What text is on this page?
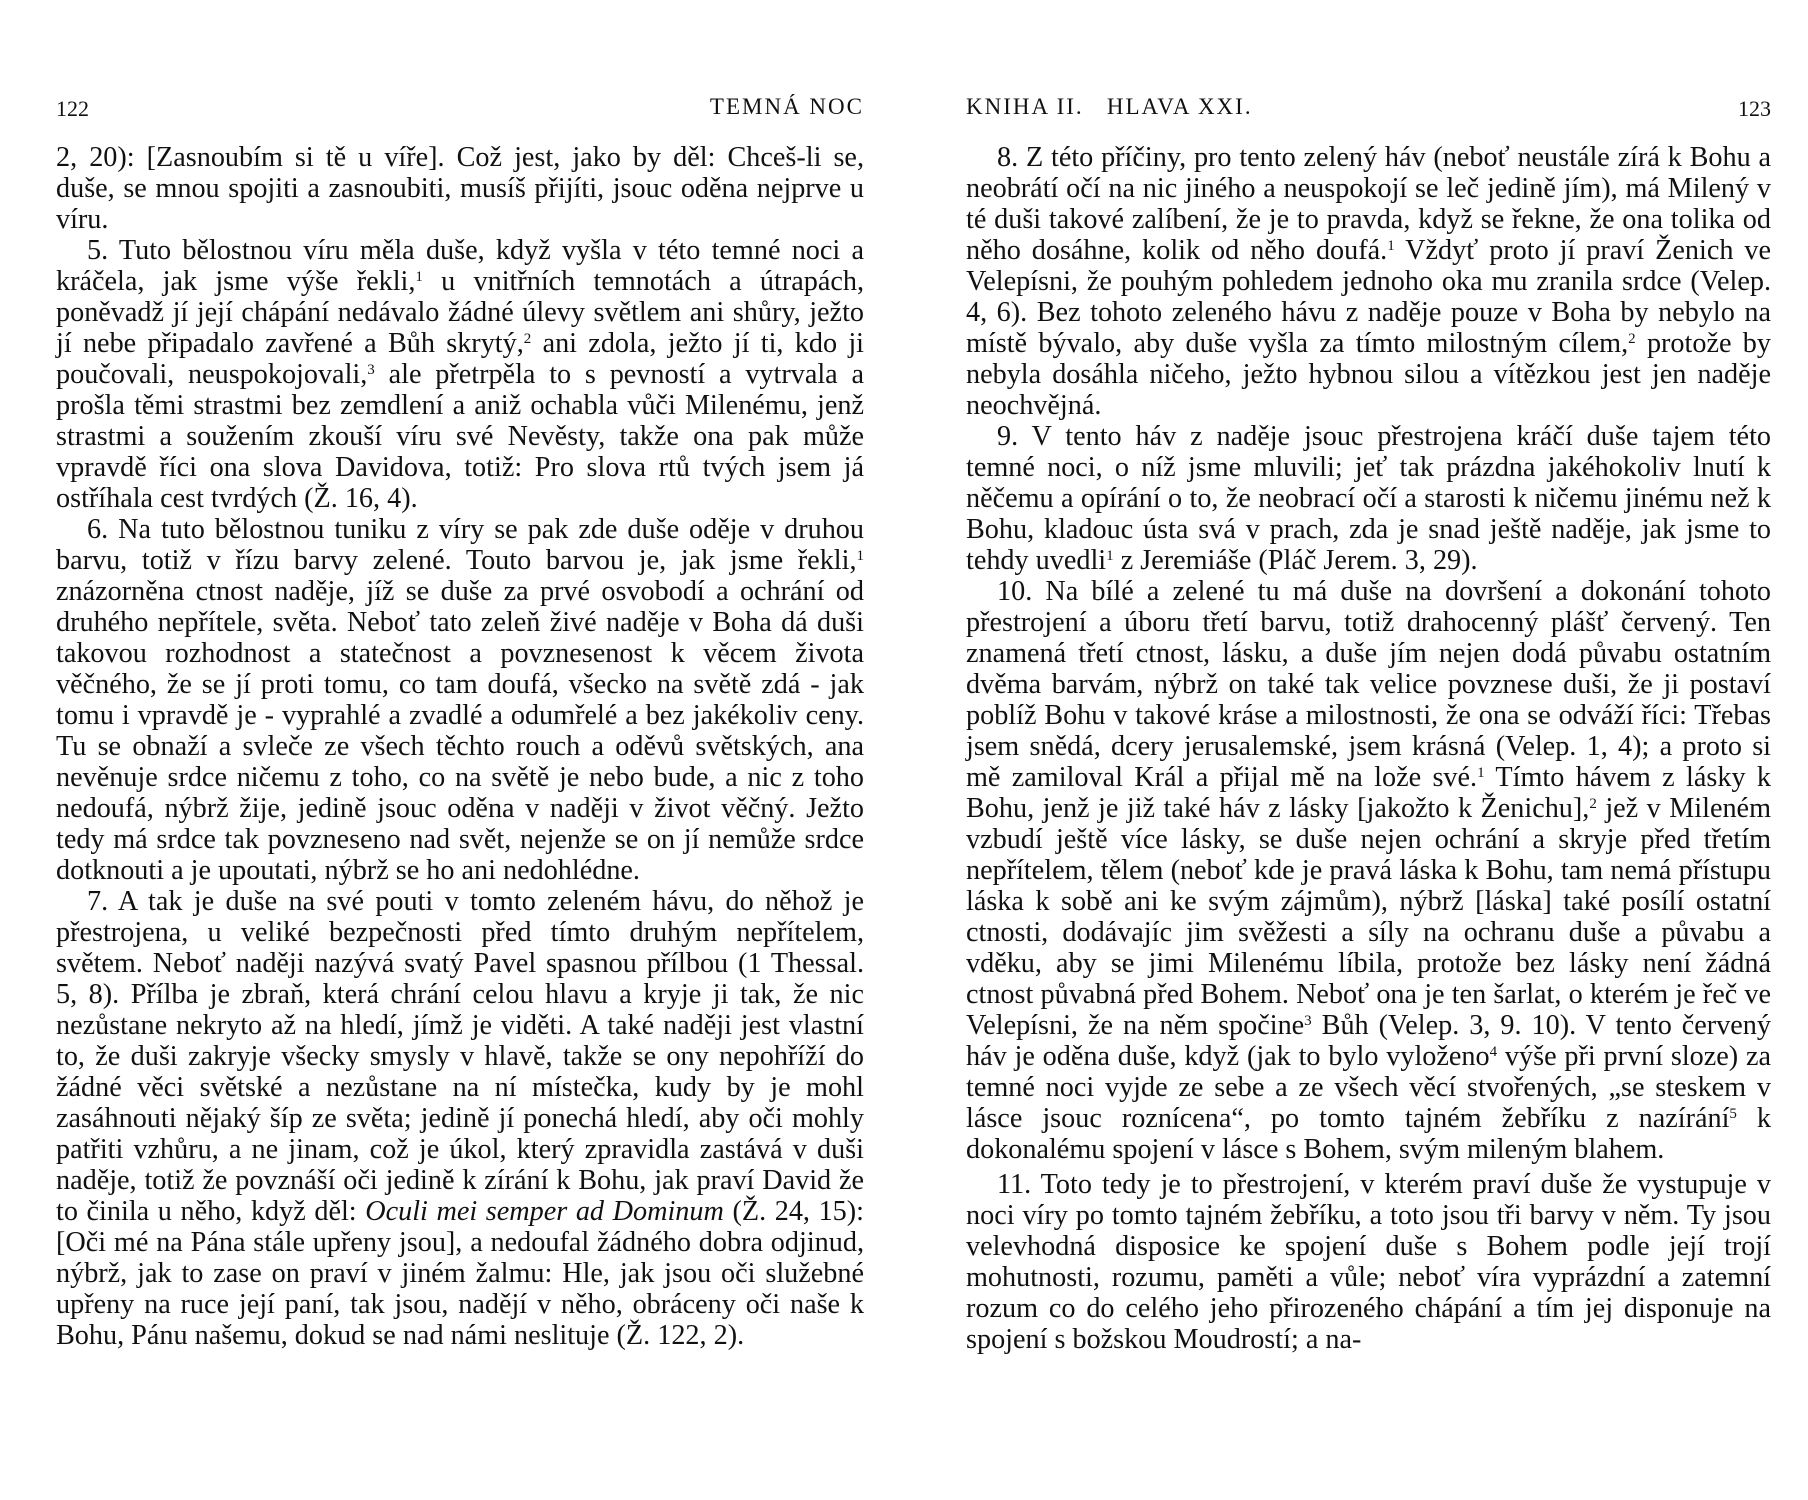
122	TEMNÁ NOC

2, 20): [Zasnoubím si tě u víře]. Což jest, jako by děl: Chceš-li se, duše, se mnou spojiti a zasnoubiti, musíš přijíti, jsouc oděna nejprve u víru.

5. Tuto bělostnou víru měla duše, když vyšla v této temné noci a kráčela, jak jsme výše řekli,$^1$ u vnitřních temnotách a útrapách, poněvadž jí její chápání nedávalo žádné úlevy světlem ani shůry, ježto jí nebe připadalo zavřené a Bůh skrytý,$^2$ ani zdola, ježto jí ti, kdo ji poučovali, neuspokojovali,$^3$ ale přetrpěla to s pevností a vytrvala a prošla těmi strastmi bez zemdlení a aniž ochabla vůči Milenému, jenž strastmi a soužením zkouší víru své Nevěsty, takže ona pak může vpravdě říci ona slova Davidova, totiž: Pro slova rtů tvých jsem já ostříhala cest tvrdých (Ž. 16, 4).

6. Na tuto bělostnou tuniku z víry se pak zde duše oděje v druhou barvu, totiž v řízu barvy zelené. Touto barvou je, jak jsme řekli,$^1$ znázorněna ctnost naděje, jíž se duše za prvé osvobodí a ochrání od druhého nepřítele, světa. Neboť tato zeleň živé naděje v Boha dá duši takovou rozhodnost a statečnost a povznesenost k věcem života věčného, že se jí proti tomu, co tam doufá, všecko na světě zdá - jak tomu i vpravdě je - vyprahlé a zvadlé a odumřelé a bez jakékoliv ceny. Tu se obnaží a svleče ze všech těchto rouch a oděvů světských, ana nevěnuje srdce ničemu z toho, co na světě je nebo bude, a nic z toho nedoufá, nýbrž žije, jedině jsouc oděna v naději v život věčný. Ježto tedy má srdce tak povzneseno nad svět, nejenže se on jí nemůže srdce dotknouti a je upoutati, nýbrž se ho ani nedohlédne.

7. A tak je duše na své pouti v tomto zeleném hávu, do něhož je přestrojena, u veliké bezpečnosti před tímto druhým nepřítelem, světem. Neboť naději nazývá svatý Pavel spasnou přílbou (1 Thessal. 5, 8). Přílba je zbraň, která chrání celou hlavu a kryje ji tak, že nic nezůstane nekryto až na hledí, jímž je viděti. A také naději jest vlastní to, že duši zakryje všecky smysly v hlavě, takže se ony nepohříží do žádné věci světské a nezůstane na ní místečka, kudy by je mohl zasáhnouti nějaký šíp ze světa; jedině jí ponechá hledí, aby oči mohly patřiti vzhůru, a ne jinam, což je úkol, který zpravidla zastává v duši naděje, totiž že povznáší oči jedině k zírání k Bohu, jak praví David že to činila u něho, když děl: Oculi mei semper ad Dominum (Ž. 24, 15): [Oči mé na Pána stále upřeny jsou], a nedoufal žádného dobra odjinud, nýbrž, jak to zase on praví v jiném žalmu: Hle, jak jsou oči služebné upřeny na ruce její paní, tak jsou, nadějí v něho, obráceny oči naše k Bohu, Pánu našemu, dokud se nad námi neslituje (Ž. 122, 2).

KNIHA II.   HLAVA XXI.	123

8. Z této příčiny, pro tento zelený háv (neboť neustále zírá k Bohu a neobrátí očí na nic jiného a neuspokojí se leč jedině jím), má Milený v té duši takové zalíbení, že je to pravda, když se řekne, že ona tolika od něho dosáhne, kolik od něho doufá.$^1$ Vždyť proto jí praví Ženich ve Velepísni, že pouhým pohledem jednoho oka mu zranila srdce (Velep. 4, 6). Bez tohoto zeleného hávu z naděje pouze v Boha by nebylo na místě bývalo, aby duše vyšla za tímto milostným cílem,$^2$ protože by nebyla dosáhla ničeho, ježto hybnou silou a vítězkou jest jen naděje neochvějná.

9. V tento háv z naděje jsouc přestrojena kráčí duše tajem této temné noci, o níž jsme mluvili; jeť tak prázdna jakéhokoliv lnutí k něčemu a opírání o to, že neobrací očí a starosti k ničemu jinému než k Bohu, kladouc ústa svá v prach, zda je snad ještě naděje, jak jsme to tehdy uvedli$^1$ z Jeremiáše (Pláč Jerem. 3, 29).

10. Na bílé a zelené tu má duše na dovršení a dokonání tohoto přestrojení a úboru třetí barvu, totiž drahocenný plášť červený. Ten znamená třetí ctnost, lásku, a duše jím nejen dodá půvabu ostatním dvěma barvám, nýbrž on také tak velice povznese duši, že ji postaví poblíž Bohu v takové kráse a milostnosti, že ona se odváží říci: Třebas jsem snědá, dcery jerusalemské, jsem krásná (Velep. 1, 4); a proto si mě zamiloval Král a přijal mě na lože své.$^1$ Tímto hávem z lásky k Bohu, jenž je již také háv z lásky [jakožto k Ženichu],$^2$ jež v Mileném vzbudí ještě více lásky, se duše nejen ochrání a skryje před třetím nepřítelem, tělem (neboť kde je pravá láska k Bohu, tam nemá přístupu láska k sobě ani ke svým zájmům), nýbrž [láska] také posílí ostatní ctnosti, dodávajíc jim svěžesti a síly na ochranu duše a půvabu a vděku, aby se jimi Milenému líbila, protože bez lásky není žádná ctnost půvabná před Bohem. Neboť ona je ten šarlat, o kterém je řeč ve Velepísni, že na něm spočine$^3$ Bůh (Velep. 3, 9. 10). V tento červený háv je oděna duše, když (jak to bylo vyloženo$^4$ výše při první sloze) za temné noci vyjde ze sebe a ze všech věcí stvořených, „se steskem v lásce jsouc roznícena“, po tomto tajném žebříku z nazírání$^5$ k dokonalému spojení v lásce s Bohem, svým mileným blahem.

11. Toto tedy je to přestrojení, v kterém praví duše že vystupuje v noci víry po tomto tajném žebříku, a toto jsou tři barvy v něm. Ty jsou velevhodná disposice ke spojení duše s Bohem podle její trojí mohutnosti, rozumu, paměti a vůle; neboť víra vyprázdní a zatemní rozum co do celého jeho přirozeného chápání a tím jej disponuje na spojení s božskou Moudrostí; a na-
